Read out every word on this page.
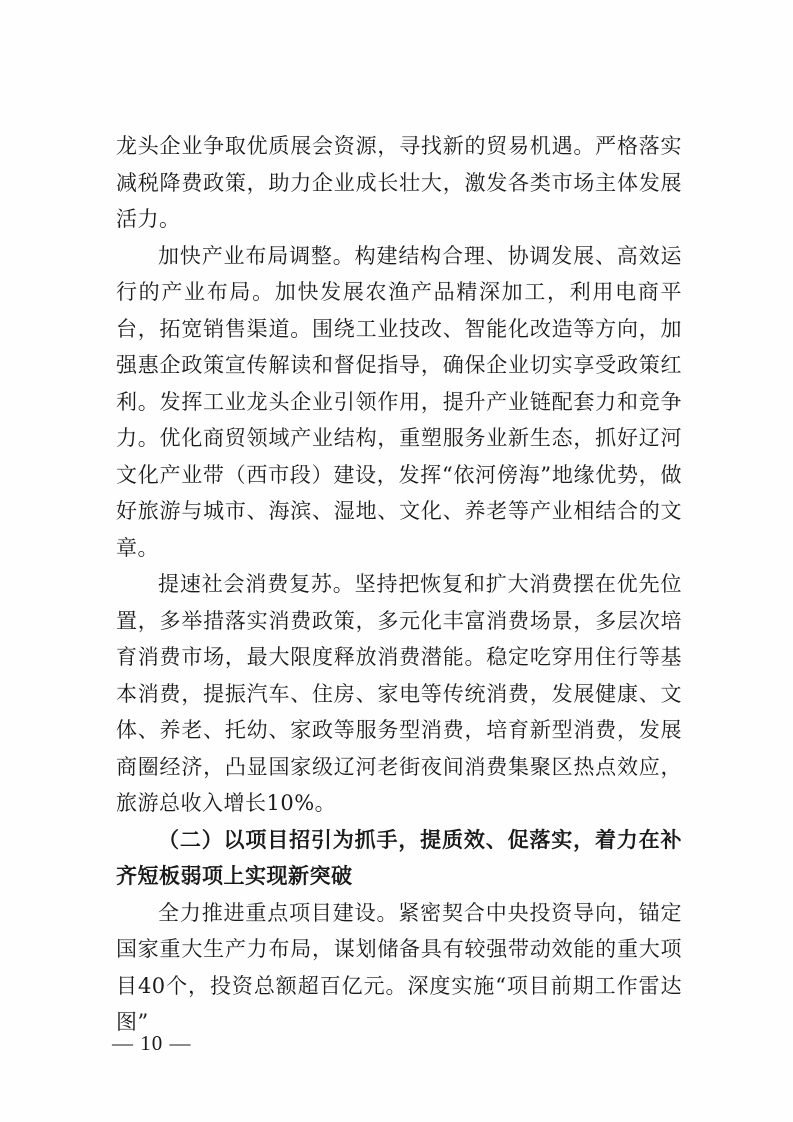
龙头企业争取优质展会资源，寻找新的贸易机遇。严格落实减税降费政策，助力企业成长壮大，激发各类市场主体发展活力。

加快产业布局调整。构建结构合理、协调发展、高效运行的产业布局。加快发展农渔产品精深加工，利用电商平台，拓宽销售渠道。围绕工业技改、智能化改造等方向，加强惠企政策宣传解读和督促指导，确保企业切实享受政策红利。发挥工业龙头企业引领作用，提升产业链配套力和竞争力。优化商贸领域产业结构，重塑服务业新生态，抓好辽河文化产业带（西市段）建设，发挥“依河傍海”地缘优势，做好旅游与城市、海滨、湿地、文化、养老等产业相结合的文章。

提速社会消费复苏。坚持把恢复和扩大消费摆在优先位置，多举措落实消费政策，多元化丰富消费场景，多层次培育消费市场，最大限度释放消费潜能。稳定吃穿用住行等基本消费，提振汽车、住房、家电等传统消费，发展健康、文体、养老、托幼、家政等服务型消费，培育新型消费，发展商圈经济，凸显国家级辽河老街夜间消费集聚区热点效应，旅游总收入增长10%。

（二）以项目招引为抓手，提质效、促落实，着力在补齐短板弱项上实现新突破

全力推进重点项目建设。紧密契合中央投资导向，锚定国家重大生产力布局，谋划储备具有较强带动效能的重大项目40个，投资总额超百亿元。深度实施“项目前期工作雷达图”

— 10 —
